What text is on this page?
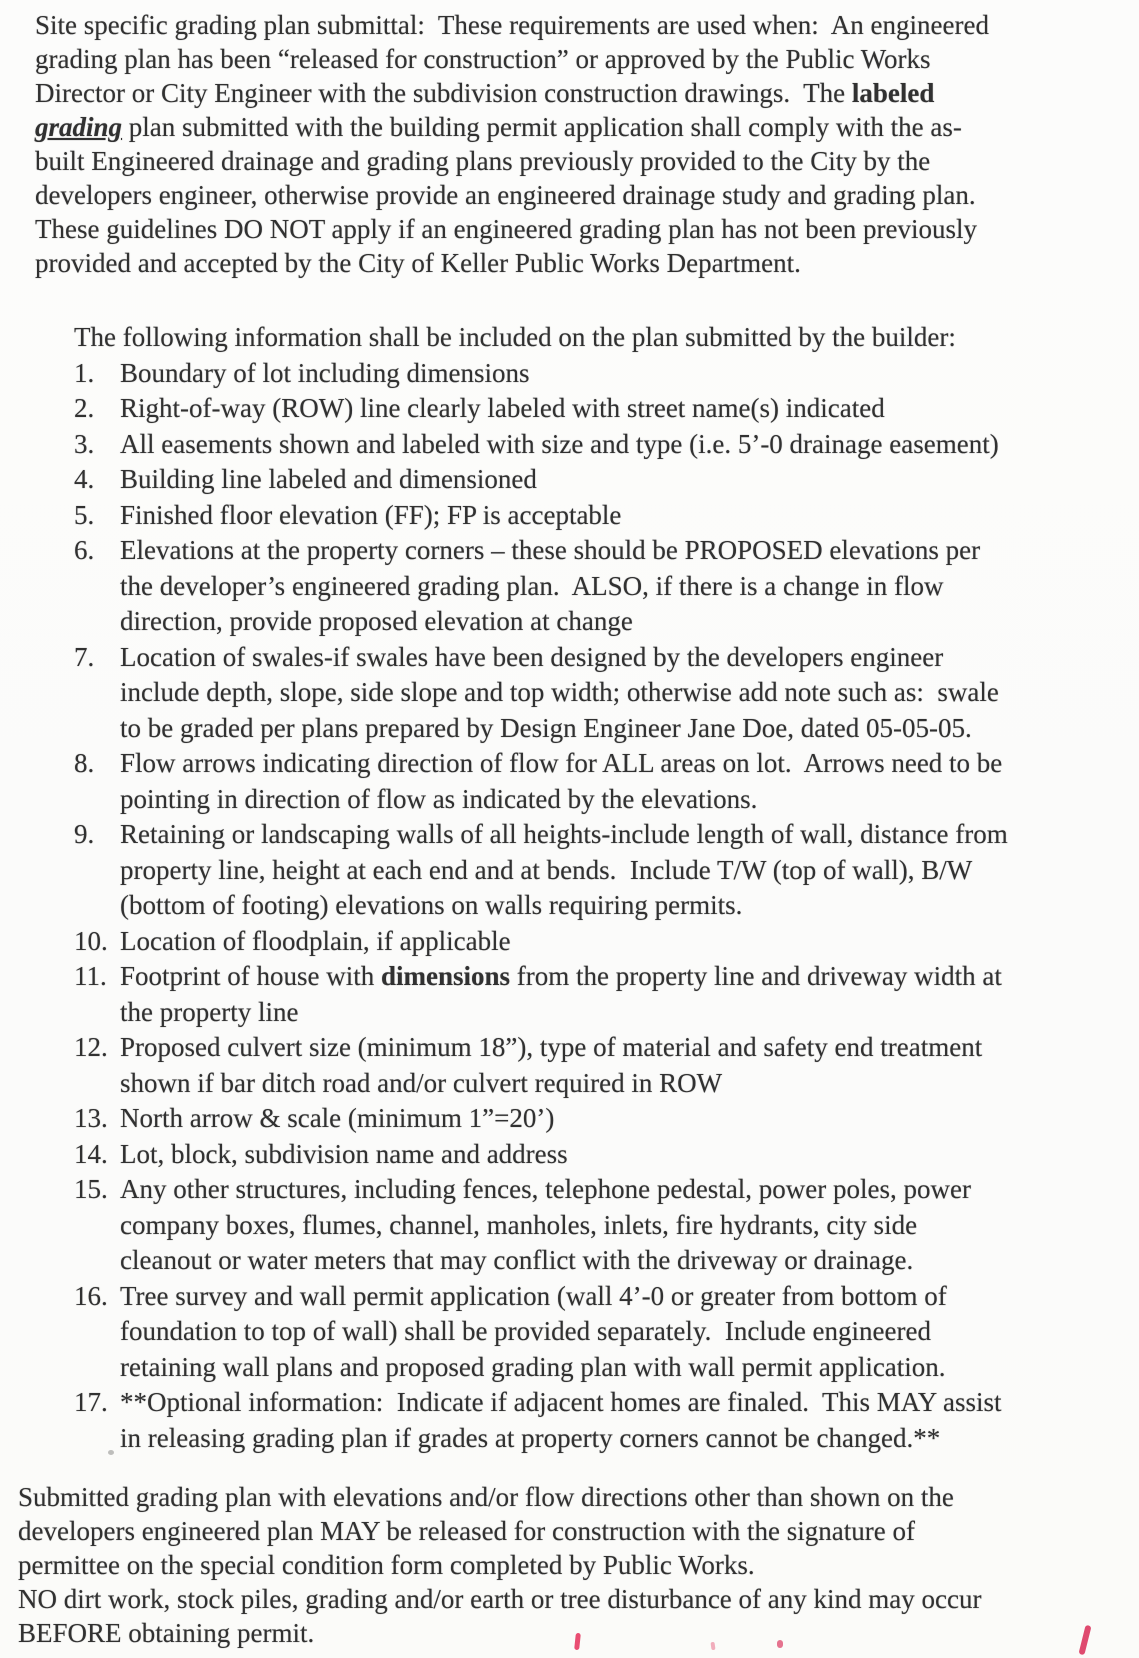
Site specific grading plan submittal:  These requirements are used when:  An engineered
grading plan has been “released for construction” or approved by the Public Works
Director or City Engineer with the subdivision construction drawings.  The labeled
grading plan submitted with the building permit application shall comply with the as-
built Engineered drainage and grading plans previously provided to the City by the
developers engineer, otherwise provide an engineered drainage study and grading plan.
These guidelines DO NOT apply if an engineered grading plan has not been previously
provided and accepted by the City of Keller Public Works Department.
The following information shall be included on the plan submitted by the builder:
1. Boundary of lot including dimensions
2. Right-of-way (ROW) line clearly labeled with street name(s) indicated
3. All easements shown and labeled with size and type (i.e. 5’-0 drainage easement)
4. Building line labeled and dimensioned
5. Finished floor elevation (FF); FP is acceptable
6. Elevations at the property corners – these should be PROPOSED elevations per
the developer’s engineered grading plan.  ALSO, if there is a change in flow
direction, provide proposed elevation at change
7. Location of swales-if swales have been designed by the developers engineer
include depth, slope, side slope and top width; otherwise add note such as:  swale
to be graded per plans prepared by Design Engineer Jane Doe, dated 05-05-05.
8. Flow arrows indicating direction of flow for ALL areas on lot.  Arrows need to be
pointing in direction of flow as indicated by the elevations.
9. Retaining or landscaping walls of all heights-include length of wall, distance from
property line, height at each end and at bends.  Include T/W (top of wall), B/W
(bottom of footing) elevations on walls requiring permits.
10. Location of floodplain, if applicable
11. Footprint of house with dimensions from the property line and driveway width at
the property line
12. Proposed culvert size (minimum 18”), type of material and safety end treatment
shown if bar ditch road and/or culvert required in ROW
13. North arrow & scale (minimum 1”=20’)
14. Lot, block, subdivision name and address
15. Any other structures, including fences, telephone pedestal, power poles, power
company boxes, flumes, channel, manholes, inlets, fire hydrants, city side
cleanout or water meters that may conflict with the driveway or drainage.
16. Tree survey and wall permit application (wall 4’-0 or greater from bottom of
foundation to top of wall) shall be provided separately.  Include engineered
retaining wall plans and proposed grading plan with wall permit application.
17. **Optional information:  Indicate if adjacent homes are finaled.  This MAY assist
in releasing grading plan if grades at property corners cannot be changed.**
Submitted grading plan with elevations and/or flow directions other than shown on the
developers engineered plan MAY be released for construction with the signature of
permittee on the special condition form completed by Public Works.
NO dirt work, stock piles, grading and/or earth or tree disturbance of any kind may occur
BEFORE obtaining permit.
